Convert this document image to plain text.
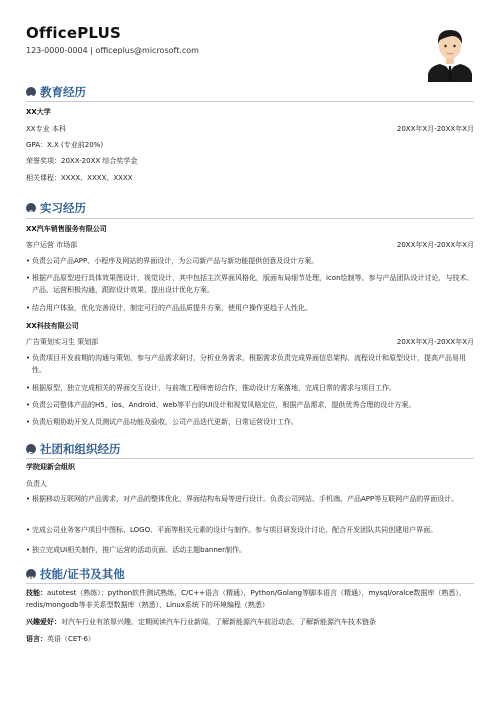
OfficePLUS
123-0000-0004 | officeplus@microsoft.com
教育经历
XX大学
XX专业 本科	20XX年X月-20XX年X月
GPA：X.X (专业前20%)
荣誉奖项：20XX-20XX 综合奖学金
相关课程：XXXX、XXXX、XXXX
实习经历
XX汽车销售服务有限公司
客户运营 市场部	20XX年X月-20XX年X月
• 负责公司产品APP、小程序及网站的界面设计，为公司新产品与新功能提供创意及设计方案。
• 根据产品原型进行具体效果图设计，视觉设计，其中包括主次界面风格化，版面布局细节处理，icon绘制等。参与产品团队设计讨论，与技术、产品、运营积极沟通，跟踪设计效果，提出设计优化方案。
• 结合用户体验，优化完善设计，制定可行的产品品质提升方案，使用户操作更趋于人性化。
XX科技有限公司
广告策划实习生 策划部	20XX年X月-20XX年X月
• 负责项目开发前期的沟通与策划，参与产品需求研讨，分析业务需求，根据需求负责完成界面信息架构、流程设计和原型设计，提高产品易用性。
• 根据原型，独立完成相关的界面交互设计，与前端工程师密切合作，推动设计方案落地，完成日常的需求与项目工作。
• 负责公司整体产品的H5、ios、Android、web等平台的UI设计和视觉风格定位，根据产品需求，提供优秀合理的设计方案。
• 负责后期协助开发人员测试产品功能及验收，公司产品迭代更新，日常运营设计工作。
社团和组织经历
学院迎新会组织
负责人
• 根据移动互联网的产品需求，对产品的整体优化，界面结构布局等进行设计。负责公司网站、手机端、产品APP等互联网产品的界面设计。
• 完成公司业务客户项目中图标、LOGO、平面等相关元素的设计与制作。参与项目研发设计讨论，配合开发团队共同创建用户界面。
• 独立完成UI相关制作，推广运营的活动页面、活动主题banner制作。
技能/证书及其他
技能：autotest（熟练）；python软件测试熟练，C/C++语言（精通），Python/Golang等脚本语言（精通），mysql/oralce数据库（熟悉），redis/mongodb等非关系型数据库（熟悉），Linux系统下的环境编程（熟悉）
兴趣爱好：对汽车行业有浓厚兴趣，定期阅读汽车行业新闻，了解新能源汽车前沿动态，了解新能源汽车技术链条
语言：英语（CET-6）
